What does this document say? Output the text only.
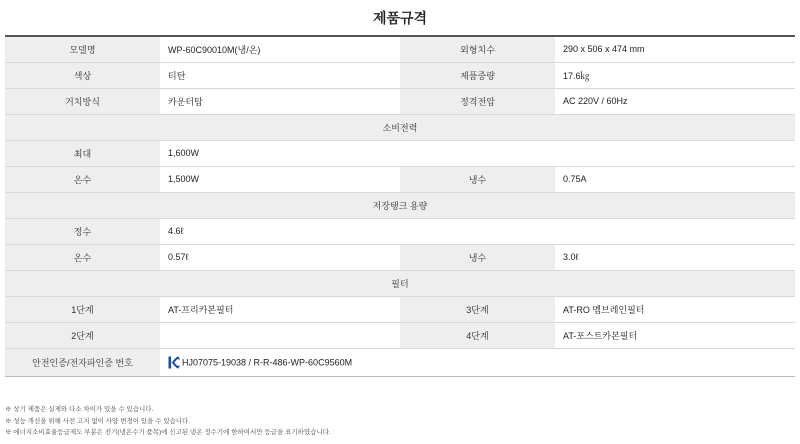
제품규격
모델명	WP-60C90010M(냉/온)	외형치수	290 x 506 x 474 mm
색상	티탄	제품중량	17.6㎏
거치방식	카운터탑	정격전압	AC 220V / 60Hz
소비전력			
최대	1,600W		
온수	1,500W	냉수	0.75A
저장탱크 용량			
정수	4.6ℓ		
온수	0.57ℓ	냉수	3.0ℓ
필터			
1단계	AT-프리카본필터	3단계	AT-RO 멤브레인필터
2단계		4단계	AT-포스트카본필터
안전인증/전자파인증 번호	HJ07075-19038 / R-R-486-WP-60C9560M		
※ 상기 제품은 실제와 다소 차이가 있을 수 있습니다.
※ 성능 개선을 위해 사전 고지 없이 사양 변경이 있을 수 있습니다.
※ 에너지소비효율등급제도 부분은 전기(냉온수기 품목)에 신고된 냉온 정수기에 한하여서만 등급을 표기하였습니다.
